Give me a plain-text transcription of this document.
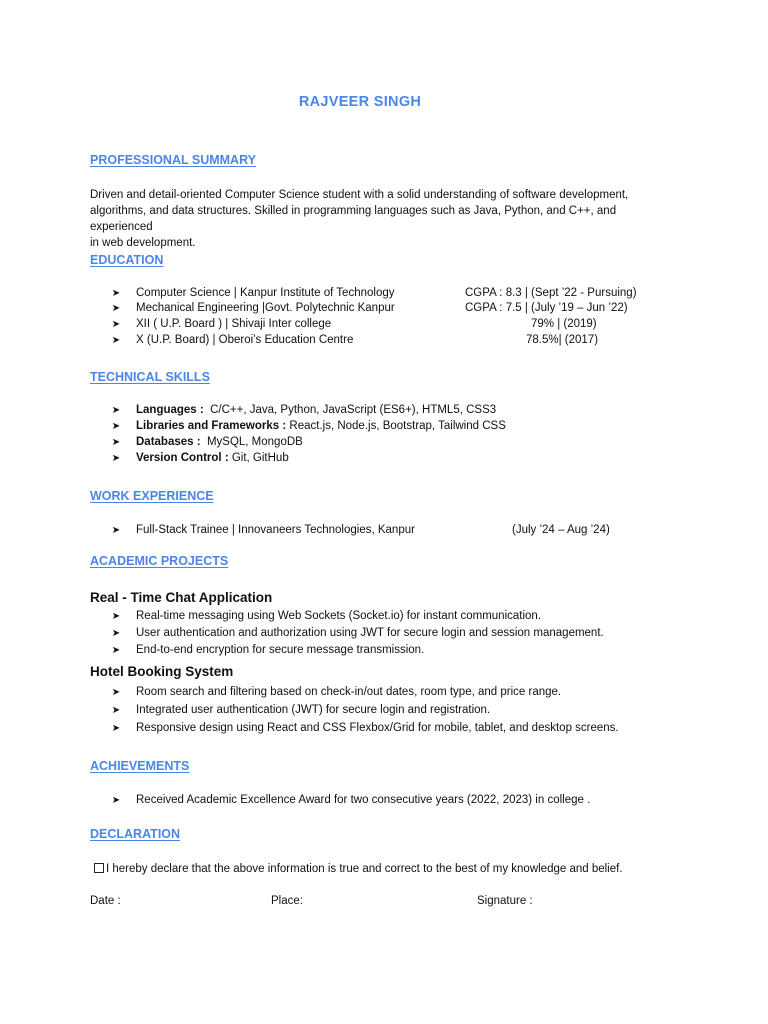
RAJVEER SINGH
PROFESSIONAL SUMMARY
Driven and detail-oriented Computer Science student with a solid understanding of software development,
algorithms, and data structures. Skilled in programming languages such as Java, Python, and C++, and experienced
in web development.
EDUCATION
➤ Computer Science | Kanpur Institute of Technology	CGPA : 8.3 | (Sept ’22 - Pursuing)
➤ Mechanical Engineering |Govt. Polytechnic Kanpur	CGPA : 7.5 | (July ’19 – Jun ’22)
➤ XII ( U.P. Board ) | Shivaji Inter college	79% | (2019)
➤ X (U.P. Board) | Oberoi’s Education Centre	78.5%| (2017)
TECHNICAL SKILLS
➤ Languages :  C/C++, Java, Python, JavaScript (ES6+), HTML5, CSS3
➤ Libraries and Frameworks : React.js, Node.js, Bootstrap, Tailwind CSS
➤ Databases :  MySQL, MongoDB
➤ Version Control : Git, GitHub
WORK EXPERIENCE
➤ Full-Stack Trainee | Innovaneers Technologies, Kanpur	(July ’24 – Aug ’24)
ACADEMIC PROJECTS
Real - Time Chat Application
➤ Real-time messaging using Web Sockets (Socket.io) for instant communication.
➤ User authentication and authorization using JWT for secure login and session management.
➤ End-to-end encryption for secure message transmission.
Hotel Booking System
➤ Room search and filtering based on check-in/out dates, room type, and price range.
➤ Integrated user authentication (JWT) for secure login and registration.
➤ Responsive design using React and CSS Flexbox/Grid for mobile, tablet, and desktop screens.
ACHIEVEMENTS
➤ Received Academic Excellence Award for two consecutive years (2022, 2023) in college .
DECLARATION
I hereby declare that the above information is true and correct to the best of my knowledge and belief.
Date :	Place:	Signature :
